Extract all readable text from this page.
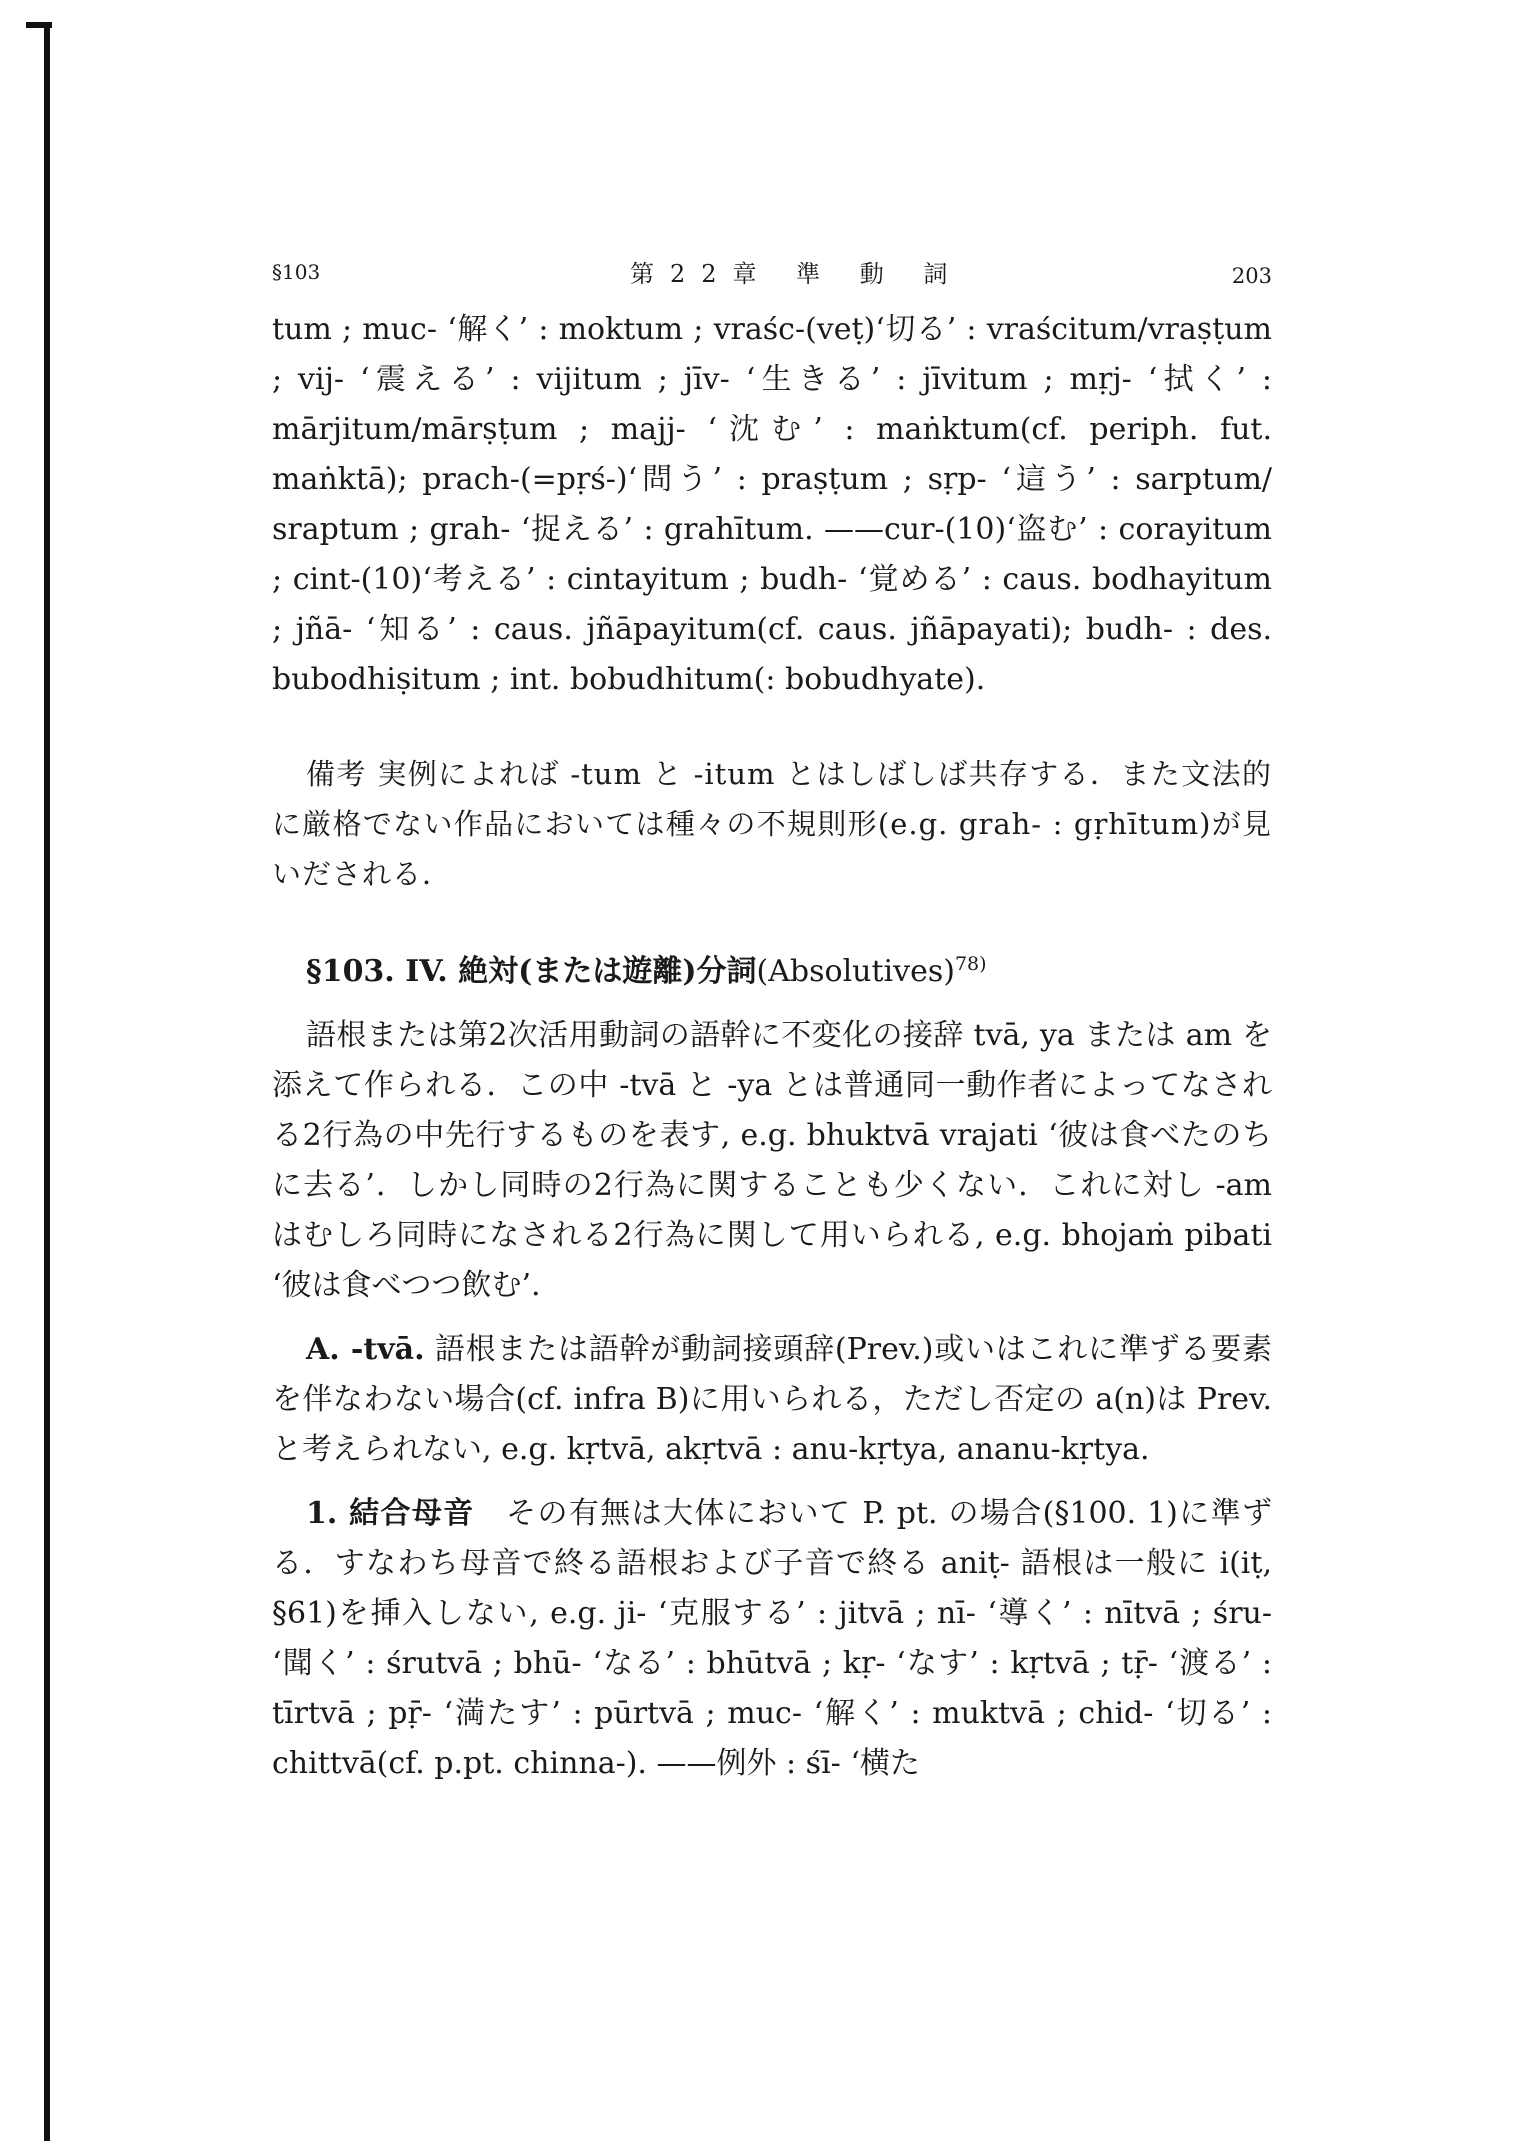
§103	第22章 準 動 詞	203

tum ; muc- ‘解く’ : moktum ; vraśc-(veṭ)‘切る’ : vraścitum/vraṣṭum ; vij- ‘震える’ : vijitum ; jīv- ‘生きる’ : jīvitum ; mṛj- ‘拭く’ : mārjitum/mārṣṭum ; majj- ‘沈む’ : maṅktum(cf. periph. fut. maṅktā); prach-(=pṛś-)‘問う’ : praṣṭum ; sṛp- ‘這う’ : sarptum/ sraptum ; grah- ‘捉える’ : grahītum. ——cur-(10)‘盗む’ : corayitum ; cint-(10)‘考える’ : cintayitum ; budh- ‘覚める’ : caus. bodhayitum ; jñā- ‘知る’ : caus. jñāpayitum(cf. caus. jñāpayati); budh- : des. bubodhiṣitum ; int. bobudhitum(: bobudhyate).

備考 実例によれば -tum と -itum とはしばしば共存する．また文法的に厳格でない作品においては種々の不規則形(e.g. grah- : gṛhītum)が見いだされる．

§103. IV. 絶対(または遊離)分詞(Absolutives)$^{78)}$

語根または第2次活用動詞の語幹に不変化の接辞 tvā, ya または am を添えて作られる．この中 -tvā と -ya とは普通同一動作者によってなされる2行為の中先行するものを表す, e.g. bhuktvā vrajati ‘彼は食べたのちに去る’．しかし同時の2行為に関することも少くない．これに対し -am はむしろ同時になされる2行為に関して用いられる, e.g. bhojaṁ pibati ‘彼は食べつつ飲む’．

A. -tvā. 語根または語幹が動詞接頭辞(Prev.)或いはこれに準ずる要素を伴なわない場合(cf. infra B)に用いられる，ただし否定の a(n)は Prev. と考えられない, e.g. kṛtvā, akṛtvā : anu-kṛtya, ananu-kṛtya.

1. 結合母音　 その有無は大体において P. pt. の場合(§100. 1)に準ずる．すなわち母音で終る語根および子音で終る aniṭ- 語根は一般に i(iṭ, §61)を挿入しない, e.g. ji- ‘克服する’ : jitvā ; nī- ‘導く’ : nītvā ; śru- ‘聞く’ : śrutvā ; bhū- ‘なる’ : bhūtvā ; kṛ- ‘なす’ : kṛtvā ; tṝ- ‘渡る’ : tīrtvā ; pṝ- ‘満たす’ : pūrtvā ; muc- ‘解く’ : muktvā ; chid- ‘切る’ : chittvā(cf. p.pt. chinna-). ——例外 : śī- ‘横た
